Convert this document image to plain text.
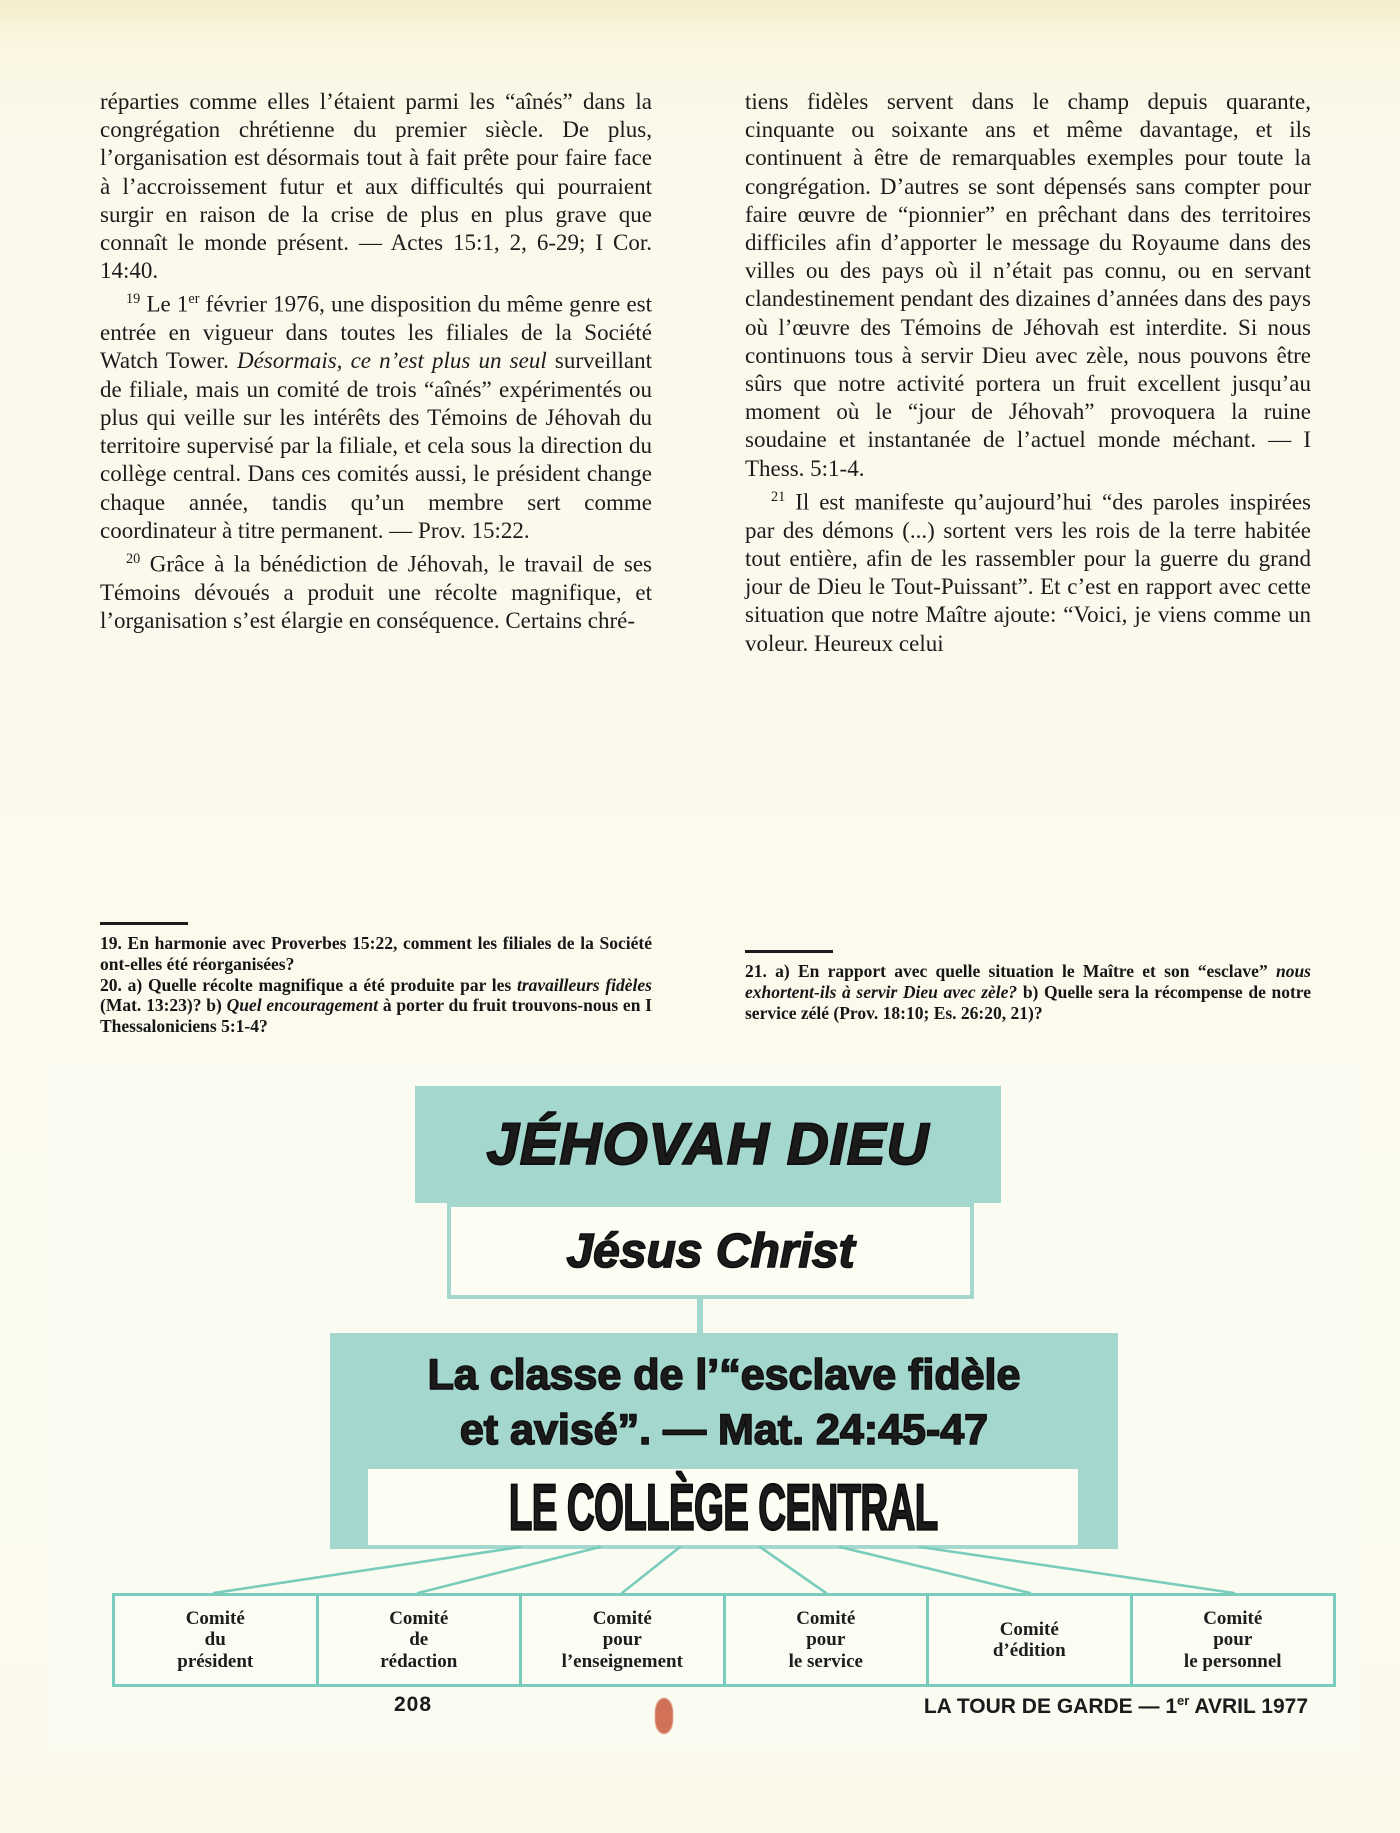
réparties comme elles l’étaient parmi les “aînés” dans la congrégation chrétienne du premier siècle. De plus, l’organisation est désormais tout à fait prête pour faire face à l’accroissement futur et aux difficultés qui pourraient surgir en raison de la crise de plus en plus grave que connaît le monde présent. — Actes 15:1, 2, 6-29; I Cor. 14:40.

$^{19}$ Le 1er février 1976, une disposition du même genre est entrée en vigueur dans toutes les filiales de la Société Watch Tower. Désormais, ce n’est plus un seul surveillant de filiale, mais un comité de trois “aînés” expérimentés ou plus qui veille sur les intérêts des Témoins de Jéhovah du territoire supervisé par la filiale, et cela sous la direction du collège central. Dans ces comités aussi, le président change chaque année, tandis qu’un membre sert comme coordinateur à titre permanent. — Prov. 15:22.

$^{20}$ Grâce à la bénédiction de Jéhovah, le travail de ses Témoins dévoués a produit une récolte magnifique, et l’organisation s’est élargie en conséquence. Certains chré-

19. En harmonie avec Proverbes 15:22, comment les filiales de la Société ont-elles été réorganisées?

20. a) Quelle récolte magnifique a été produite par les travailleurs fidèles (Mat. 13:23)? b) Quel encouragement à porter du fruit trouvons-nous en I Thessaloniciens 5:1-4?

tiens fidèles servent dans le champ depuis quarante, cinquante ou soixante ans et même davantage, et ils continuent à être de remarquables exemples pour toute la congrégation. D’autres se sont dépensés sans compter pour faire œuvre de “pionnier” en prêchant dans des territoires difficiles afin d’apporter le message du Royaume dans des villes ou des pays où il n’était pas connu, ou en servant clandestinement pendant des dizaines d’années dans des pays où l’œuvre des Témoins de Jéhovah est interdite. Si nous continuons tous à servir Dieu avec zèle, nous pouvons être sûrs que notre activité portera un fruit excellent jusqu’au moment où le “jour de Jéhovah” provoquera la ruine soudaine et instantanée de l’actuel monde méchant. — I Thess. 5:1-4.

$^{21}$ Il est manifeste qu’aujourd’hui “des paroles inspirées par des démons (...) sortent vers les rois de la terre habitée tout entière, afin de les rassembler pour la guerre du grand jour de Dieu le Tout-Puissant”. Et c’est en rapport avec cette situation que notre Maître ajoute: “Voici, je viens comme un voleur. Heureux celui

21. a) En rapport avec quelle situation le Maître et son “esclave” nous exhortent-ils à servir Dieu avec zèle? b) Quelle sera la récompense de notre service zélé (Prov. 18:10; Es. 26:20, 21)?

JÉHOVAH DIEU
Jésus Christ
La classe de l’“esclave fidèle
et avisé”. — Mat. 24:45-47
LE COLLÈGE CENTRAL
Comité
du
président
Comité
de
rédaction
Comité
pour
l’enseignement
Comité
pour
le service
Comité
d’édition
Comité
pour
le personnel
208	LA TOUR DE GARDE — 1er AVRIL 1977
